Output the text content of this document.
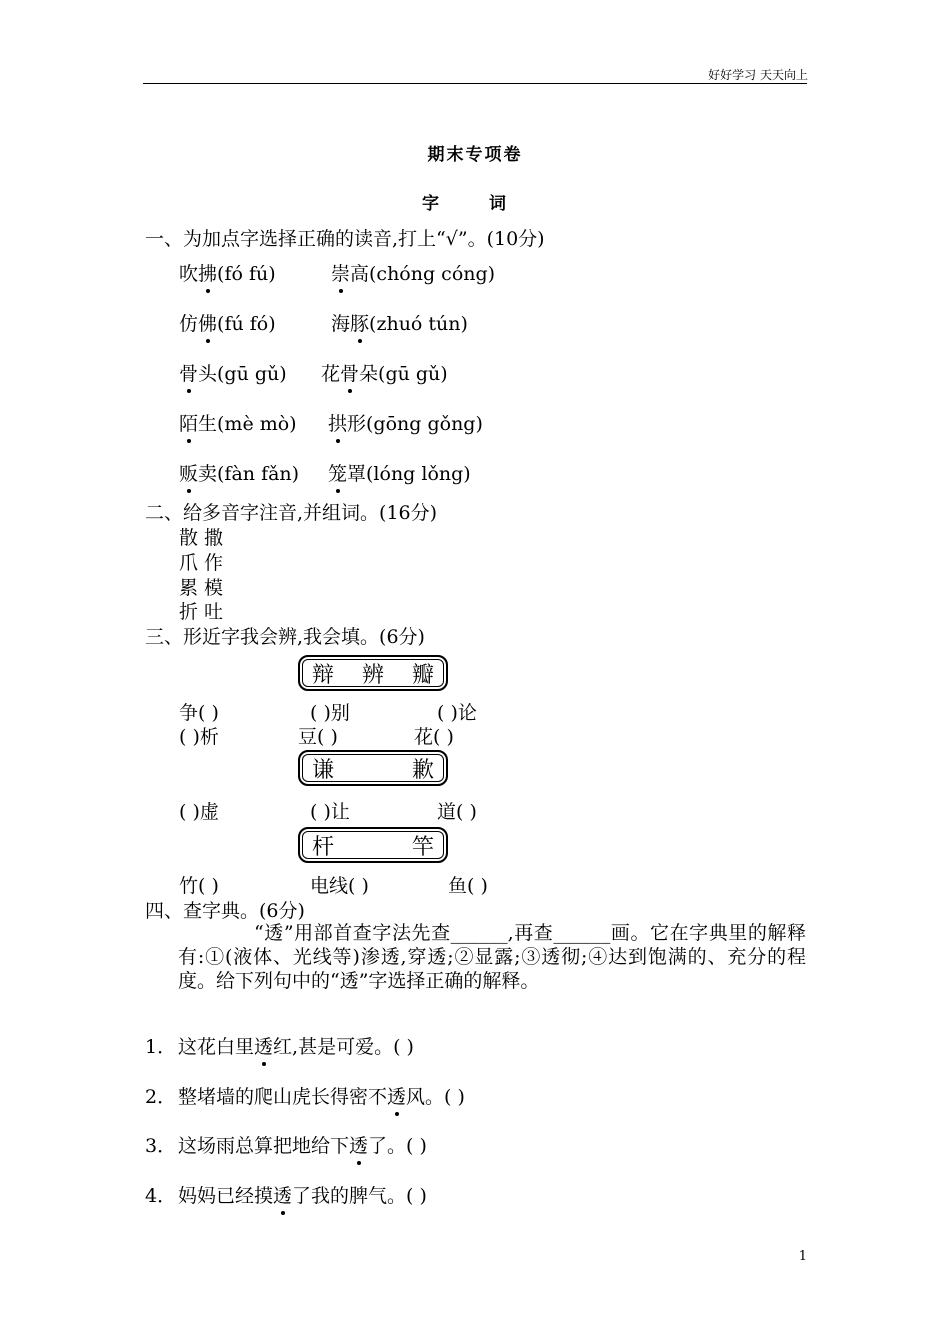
好好学习 天天向上
期末专项卷
字 词
一、为加点字选择正确的读音,打上“√”。(10分)
吹拂(fó fú)	崇高(chóng cóng)
仿佛(fú fó)	海豚(zhuó tún)
骨头(gū gǔ) 花骨朵(gū gǔ)
陌生(mè mò) 拱形(gōng gǒng)
贩卖(fàn fǎn) 笼罩(lóng lǒng)
二、给多音字注音,并组词。(16分)
散 撒
爪 作
累 模
折 吐
三、形近字我会辨,我会填。(6分)
辩 辨 瓣
争( )	( )别	( )论
( )析	豆( )	花( )
谦	歉
( )虚	( )让	道( )
杆	竿
竹( )	电线( )	鱼( )
四、查字典。(6分)
“透”用部首查字法先查______,再查______画。它在字典里的解释有:①(液体、光线等)渗透,穿透;②显露;③透彻;④达到饱满的、充分的程度。给下列句中的“透”字选择正确的解释。
1． 这花白里透红,甚是可爱。( )
2． 整堵墙的爬山虎长得密不透风。( )
3． 这场雨总算把地给下透了。( )
4． 妈妈已经摸透了我的脾气。( )
1
